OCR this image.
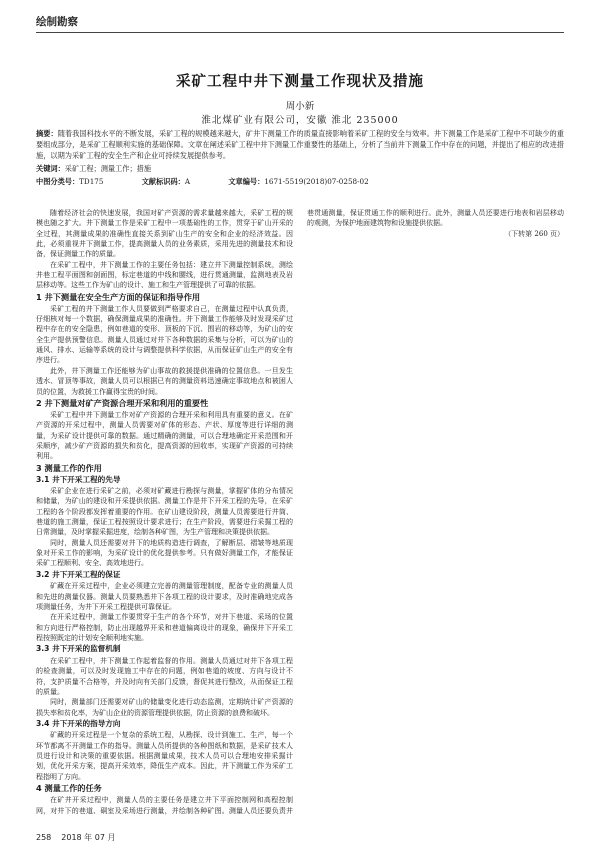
绘制勘察
采矿工程中井下测量工作现状及措施
周小新
淮北煤矿业有限公司，安徽 淮北 235000
摘要：随着我国科技水平的不断发展，采矿工程的规模越来越大，矿井下测量工作的质量直接影响着采矿工程的安全与效率。井下测量工作是采矿工程中不可缺少的重要组成部分，是采矿工程顺利实施的基础保障。文章在阐述采矿工程中井下测量工作重要性的基础上，分析了当前井下测量工作中存在的问题，并提出了相应的改进措施，以期为采矿工程的安全生产和企业可持续发展提供参考。
关键词：采矿工程；测量工作；措施
中图分类号：TD175	文献标识码：A	文章编号：1671-5519(2018)07-0258-02

随着经济社会的快速发展，我国对矿产资源的需求量越来越大，采矿工程的规模也随之扩大。井下测量工作是采矿工程中一项基础性的工作，贯穿于矿山开采的全过程，其测量成果的准确性直接关系到矿山生产的安全和企业的经济效益。因此，必须重视井下测量工作，提高测量人员的业务素质，采用先进的测量技术和设备，保证测量工作的质量。

在采矿工程中，井下测量工作的主要任务包括：建立井下测量控制系统，测绘井巷工程平面图和剖面图，标定巷道的中线和腰线，进行贯通测量，监测地表及岩层移动等。这些工作为矿山的设计、施工和生产管理提供了可靠的依据。

1 井下测量在安全生产方面的保证和指导作用

采矿工程的井下测量工作人员要做到严格要求自己，在测量过程中认真负责，仔细核对每一个数据，确保测量成果的准确性。井下测量工作能够及时发现采矿过程中存在的安全隐患，例如巷道的变形、顶板的下沉、围岩的移动等，为矿山的安全生产提供预警信息。测量人员通过对井下各种数据的采集与分析，可以为矿山的通风、排水、运输等系统的设计与调整提供科学依据，从而保证矿山生产的安全有序进行。

此外，井下测量工作还能够为矿山事故的救援提供准确的位置信息。一旦发生透水、冒顶等事故，测量人员可以根据已有的测量资料迅速确定事故地点和被困人员的位置，为救援工作赢得宝贵的时间。

2 井下测量对矿产资源合理开采和利用的重要性

采矿工程中井下测量工作对矿产资源的合理开采和利用具有重要的意义。在矿产资源的开采过程中，测量人员需要对矿体的形态、产状、厚度等进行详细的测量，为采矿设计提供可靠的数据。通过精确的测量，可以合理地确定开采范围和开采顺序，减少矿产资源的损失和贫化，提高资源的回收率，实现矿产资源的可持续利用。

3 测量工作的作用
3.1 井下开采工程的先导

采矿企业在进行采矿之前，必须对矿藏进行勘探与测量，掌握矿体的分布情况和储量，为矿山的建设和开采提供依据。测量工作是井下开采工程的先导，在采矿工程的各个阶段都发挥着重要的作用。在矿山建设阶段，测量人员需要进行井筒、巷道的施工测量，保证工程按照设计要求进行；在生产阶段，需要进行采掘工程的日常测量，及时掌握采掘进度，绘制各种矿图，为生产管理和决策提供依据。

同时，测量人员还需要对井下的地质构造进行调查，了解断层、褶皱等地质现象对开采工作的影响，为采矿设计的优化提供参考。只有做好测量工作，才能保证采矿工程顺利、安全、高效地进行。

3.2 井下开采工程的保证

矿藏在开采过程中，企业必须建立完善的测量管理制度，配备专业的测量人员和先进的测量仪器。测量人员要熟悉井下各项工程的设计要求，及时准确地完成各项测量任务，为井下开采工程提供可靠保证。

在开采过程中，测量工作要贯穿于生产的各个环节，对井下巷道、采场的位置和方向进行严格控制，防止出现越界开采和巷道偏离设计的现象，确保井下开采工程按照既定的计划安全顺利地实施。

3.3 井下开采的监督机制

在采矿工程中，井下测量工作起着监督的作用。测量人员通过对井下各项工程的检查测量，可以及时发现施工中存在的问题，例如巷道的坡度、方向与设计不符，支护质量不合格等，并及时向有关部门反馈，督促其进行整改，从而保证工程的质量。

同时，测量部门还需要对矿山的储量变化进行动态监测，定期统计矿产资源的损失率和贫化率，为矿山企业的资源管理提供依据，防止资源的浪费和破坏。

3.4 井下开采的指导方向

矿藏的开采过程是一个复杂的系统工程，从勘探、设计到施工、生产，每一个环节都离不开测量工作的指导。测量人员所提供的各种图纸和数据，是采矿技术人员进行设计和决策的重要依据。根据测量成果，技术人员可以合理地安排采掘计划，优化开采方案，提高开采效率，降低生产成本。因此，井下测量工作为采矿工程指明了方向。

4 测量工作的任务

在矿井开采过程中，测量人员的主要任务是建立井下平面控制网和高程控制网，对井下的巷道、硐室及采场进行测量，并绘制各种矿图。测量人员还要负责井巷贯通测量，保证贯通工作的顺利进行。此外，测量人员还要进行地表和岩层移动的观测，为保护地面建筑物和设施提供依据。

（下转第 260 页）

258 2018 年 07 月
